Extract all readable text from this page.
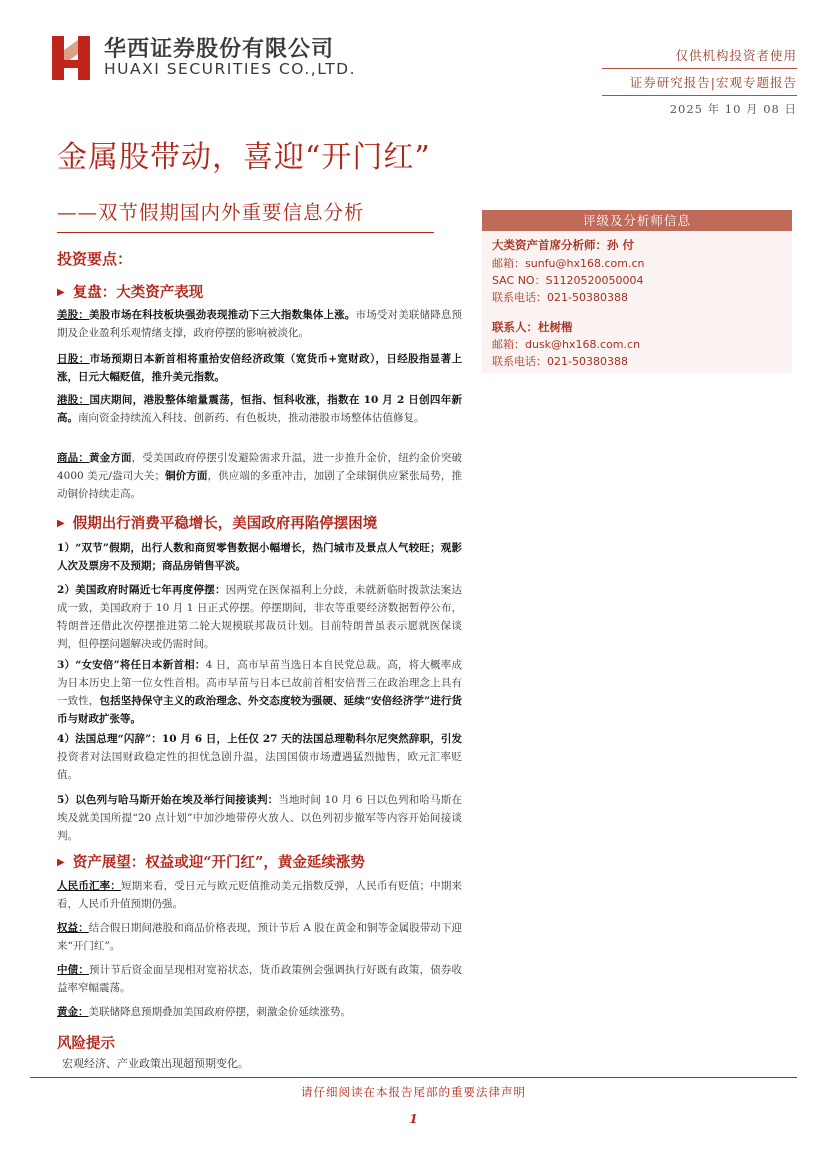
华西证券股份有限公司
HUAXI SECURITIES CO.,LTD.
仅供机构投资者使用
证券研究报告|宏观专题报告
2025 年 10 月 08 日
金属股带动，喜迎“开门红”
——双节假期国内外重要信息分析	评级及分析师信息
大类资产首席分析师：孙 付
邮箱：sunfu@hx168.com.cn
SAC NO：S1120520050004
联系电话：021-50380388
联系人：杜树楷
邮箱：dusk@hx168.com.cn
联系电话：021-50380388
投资要点：
▶ 复盘：大类资产表现
美股：美股市场在科技板块强劲表现推动下三大指数集体上涨。市场受对美联储降息预期及企业盈利乐观情绪支撑，政府停摆的影响被淡化。
日股：市场预期日本新首相将重拾安倍经济政策（宽货币+宽财政），日经股指显著上涨，日元大幅贬值，推升美元指数。
港股：国庆期间，港股整体缩量震荡，恒指、恒科收涨，指数在 10 月 2 日创四年新高。南向资金持续流入科技、创新药、有色板块，推动港股市场整体估值修复。
商品：黄金方面，受美国政府停摆引发避险需求升温，进一步推升金价，纽约金价突破 4000 美元/盎司大关；铜价方面，供应端的多重冲击，加剧了全球铜供应紧张局势，推动铜价持续走高。
▶ 假期出行消费平稳增长，美国政府再陷停摆困境
1）“双节”假期，出行人数和商贸零售数据小幅增长，热门城市及景点人气较旺；观影人次及票房不及预期；商品房销售平淡。
2）美国政府时隔近七年再度停摆：因两党在医保福利上分歧，未就新临时拨款法案达成一致，美国政府于 10 月 1 日正式停摆。停摆期间，非农等重要经济数据暂停公布，特朗普还借此次停摆推进第二轮大规模联邦裁员计划。目前特朗普虽表示愿就医保谈判，但停摆问题解决或仍需时间。
3）“女安倍”将任日本新首相：4 日，高市早苗当选日本自民党总裁。高，将大概率成为日本历史上第一位女性首相。高市早苗与日本已故前首相安倍晋三在政治理念上具有一致性，包括坚持保守主义的政治理念、外交态度较为强硬、延续“安倍经济学”进行货币与财政扩张等。
4）法国总理“闪辞”：10 月 6 日，上任仅 27 天的法国总理勒科尔尼突然辞职，引发投资者对法国财政稳定性的担忧急剧升温，法国国债市场遭遇猛烈抛售，欧元汇率贬值。
5）以色列与哈马斯开始在埃及举行间接谈判：当地时间 10 月 6 日以色列和哈马斯在埃及就美国所提“20 点计划”中加沙地带停火放人、以色列初步撤军等内容开始间接谈判。
▶ 资产展望：权益或迎“开门红”，黄金延续涨势
人民币汇率：短期来看，受日元与欧元贬值推动美元指数反弹，人民币有贬值；中期来看，人民币升值预期仍强。
权益：结合假日期间港股和商品价格表现，预计节后 A 股在黄金和铜等金属股带动下迎来“开门红”。
中债：预计节后资金面呈现相对宽裕状态，货币政策例会强调执行好既有政策，债券收益率窄幅震荡。
黄金：美联储降息预期叠加美国政府停摆，刺激金价延续涨势。
风险提示
宏观经济、产业政策出现超预期变化。
请仔细阅读在本报告尾部的重要法律声明
1
